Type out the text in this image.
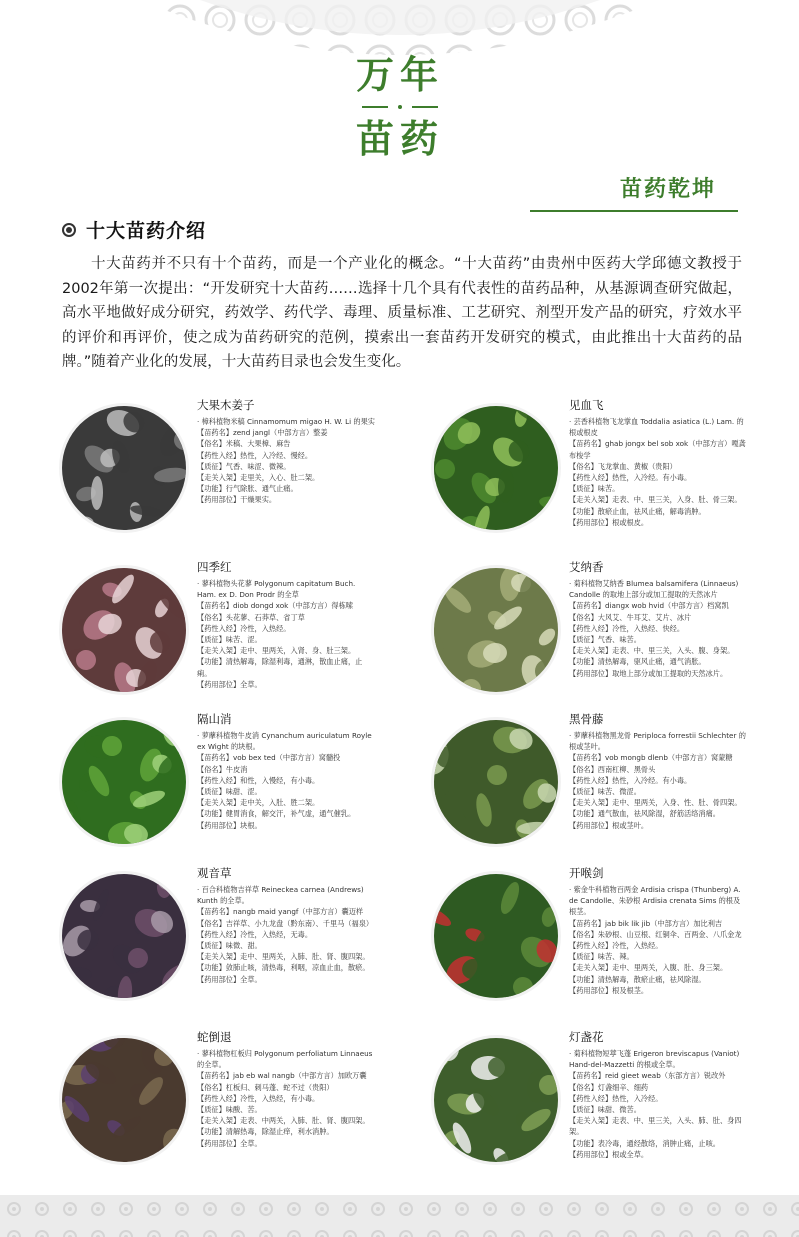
万年
苗药
苗药乾坤
十大苗药介绍

十大苗药并不只有十个苗药，而是一个产业化的概念。“十大苗药”由贵州中医药大学邱德文教授于2002年第一次提出：“开发研究十大苗药……选择十几个具有代表性的苗药品种，从基源调查研究做起，高水平地做好成分研究，药效学、药代学、毒理、质量标准、工艺研究、剂型开发产品的研究，疗效水平的评价和再评价，使之成为苗药研究的范例，摸索出一套苗药开发研究的模式，由此推出十大苗药的品牌。”随着产业化的发展，十大苗药目录也会发生变化。

大果木姜子
· 樟科植物米稿 Cinnamomum migao H. W. Li 的果实
【苗药名】zend jangl（中部方言）整姜
【俗名】米稿、大果樟、麻告
【药性入经】热性，入冷经、慢经。
【质征】气香、味涩、微辣。
【走关入架】走里关，入心、肚二架。
【功能】行气除胀、通气止痛。
【药用部位】干燥果实。
见血飞
· 芸香科植物飞龙掌血 Toddalia asiatica (L.) Lam. 的根或根皮
【苗药名】ghab jongx bel sob xok（中部方言）嘎龚布梭学
【俗名】飞龙掌血、黄椒（贵阳）
【药性入经】热性，入冷经。有小毒。
【质征】味苦。
【走关入架】走表、中、里三关，入身、肚、骨三架。
【功能】散瘀止血，祛风止痛，解毒消肿。
【药用部位】根或根皮。
四季红
· 蓼科植物头花蓼 Polygonum capitatum Buch. Ham. ex D. Don Prodr 的全草
【苗药名】diob dongd xok（中部方言）得栋嗦
【俗名】头花蓼、石莽草、省丁草
【药性入经】冷性，入热经。
【质征】味苦、涩。
【走关入架】走中、里两关，入肾、身、肚三架。
【功能】清热解毒，除湿利毒，通淋，散血止痛，止痢。
【药用部位】全草。
艾纳香
· 菊科植物艾纳香 Blumea balsamifera (Linnaeus) Candolle 的取地上部分或加工提取的天然冰片
【苗药名】diangx wob hvid（中部方言）档窝凯
【俗名】大风艾、牛耳艾、艾片、冰片
【药性入经】冷性，入热经、快经。
【质征】气香、味苦。
【走关入架】走表、中、里三关，入头、腹、身架。
【功能】清热解毒，驱风止痛，通气消胀。
【药用部位】取地上部分或加工提取的天然冰片。
隔山消
· 萝藦科植物牛皮消 Cynanchum auriculatum Royle ex Wight 的块根。
【苗药名】vob bex ted（中部方言）窝髓投
【俗名】牛皮消
【药性入经】和性，入慢经，有小毒。
【质征】味甜、涩。
【走关入架】走中关，入肚、胜二架。
【功能】健胃消食，解交汗，补气虚，通气催乳。
【药用部位】块根。
黑骨藤
· 萝藦科植物黑龙骨 Periploca forrestii Schlechter 的根或茎叶。
【苗药名】vob mongb dlenb（中部方言）窝蒙糖
【俗名】西南杠柳、黑骨头
【药性入经】热性，入冷经。有小毒。
【质征】味苦、微涩。
【走关入架】走中、里两关，入身、性、肚、骨四架。
【功能】通气散血，祛风除湿，舒筋活络消痛。
【药用部位】根或茎叶。
观音草
· 百合科植物吉祥草 Reineckea carnea (Andrews) Kunth 的全草。
【苗药名】nangb maid yangf（中部方言）囊迈样
【俗名】吉祥草、小九龙盘（黔东南）、千里马（福泉）
【药性入经】冷性，入热经，无毒。
【质征】味微、甜。
【走关入架】走中、里两关，入肺、肚、肾、腹四架。
【功能】敛肺止咳，清热毒，利咽，凉血止血，散瘀。
【药用部位】全草。
开喉剑
· 紫金牛科植物百两金 Ardisia crispa (Thunberg) A. de Candolle、朱砂根 Ardisia crenata Sims 的根及根茎。
【苗药名】jab bik lik jib（中部方言）加比利吉
【俗名】朱砂根、山豆根、红铜伞、百两金、八爪金龙
【药性入经】冷性，入热经。
【质征】味苦、辣。
【走关入架】走中、里两关，入腹、肚、身三架。
【功能】清热解毒，散瘀止痛，祛风除湿。
【药用部位】根及根茎。
蛇倒退
· 蓼科植物杠板归 Polygonum perfoliatum Linnaeus 的全草。
【苗药名】jab eb wal nangb（中部方言）加欧万囊
【俗名】杠板归、刺马蓬、蛇不过（贵阳）
【药性入经】冷性，入热经，有小毒。
【质征】味酸、苦。
【走关入架】走表、中两关，入肺、肚、肾、腹四架。
【功能】清解热毒，除湿止痒，利水消肿。
【药用部位】全草。
灯盏花
· 菊科植物短葶飞蓬 Erigeron breviscapus (Vaniot) Hand-del-Mazzetti 的根或全草。
【苗药名】reid gieet weab（东部方言）锐改外
【俗名】灯盏细辛、细药
【药性入经】热性，入冷经。
【质征】味甜、微苦。
【走关入架】走表、中、里三关，入头、肺、肚、身四架。
【功能】表冷毒，通经散络，消肿止痛，止咳。
【药用部位】根或全草。
